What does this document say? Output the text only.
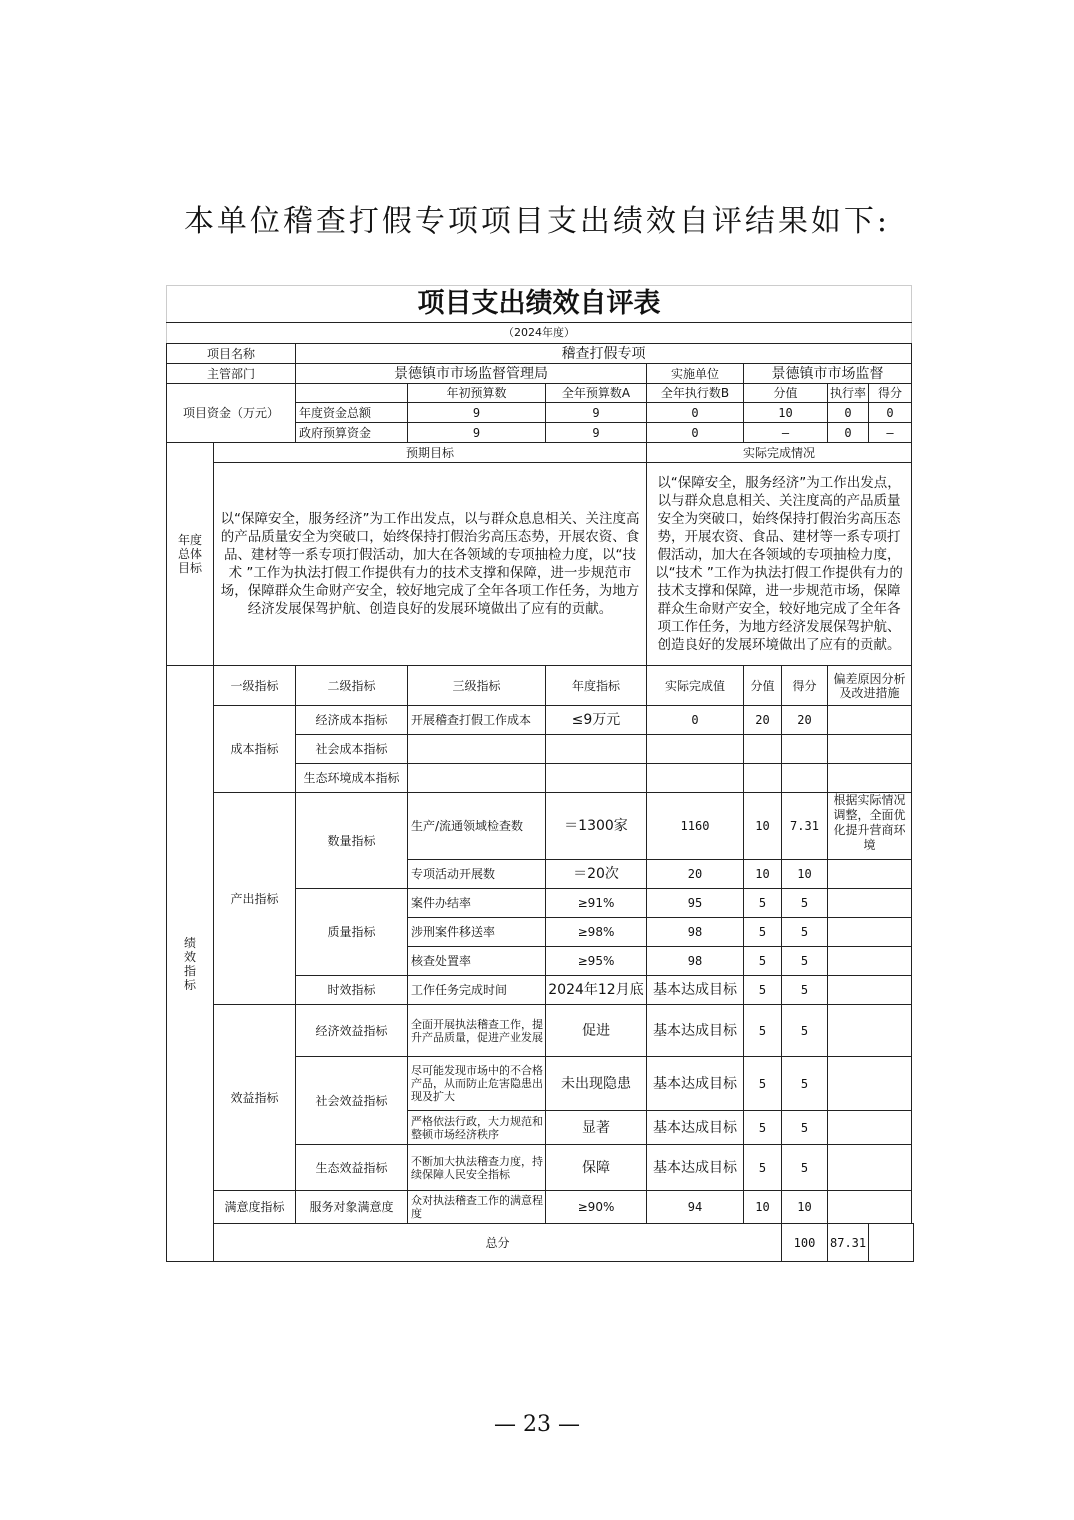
本单位稽查打假专项项目支出绩效自评结果如下:
项目支出绩效自评表									
（2024年度）									
项目名称		稽查打假专项							
主管部门		景德镇市市场监督管理局			实施单位	景德镇市市场监督			
项目资金（万元）			年初预算数	全年预算数A	全年执行数B	分值		执行率	得分
		年度资金总额	9	9	0	10		0	0
		政府预算资金	9	9	0	—		0	—
年度总体目标	预期目标				实际完成情况				
	以“保障安全，服务经济”为工作出发点，以与群众息息相关、关注度高的产品质量安全为突破口，始终保持打假治劣高压态势，开展农资、食品、建材等一系专项打假活动，加大在各领域的专项抽检力度，以“技术 ”工作为执法打假工作提供有力的技术支撑和保障，进一步规范市场，保障群众生命财产安全，较好地完成了全年各项工作任务，为地方经济发展保驾护航、创造良好的发展环境做出了应有的贡献。				以“保障安全，服务经济”为工作出发点，以与群众息息相关、关注度高的产品质量安全为突破口，始终保持打假治劣高压态势，开展农资、食品、建材等一系专项打假活动，加大在各领域的专项抽检力度，以“技术 ”工作为执法打假工作提供有力的技术支撑和保障，进一步规范市场，保障群众生命财产安全，较好地完成了全年各项工作任务，为地方经济发展保驾护航、创造良好的发展环境做出了应有的贡献。				
绩效指标	一级指标	二级指标	三级指标	年度指标	实际完成值	分值	得分	偏差原因分析及改进措施	
	成本指标	经济成本指标	开展稽查打假工作成本	≤9万元	0	20	20		
		社会成本指标							
		生态环境成本指标							
	产出指标	数量指标	生产/流通领域检查数	＝1300家	1160	10	7.31	根据实际情况调整，全面优化提升营商环境	
			专项活动开展数	＝20次	20	10	10		
		质量指标	案件办结率	≥91%	95	5	5		
			涉刑案件移送率	≥98%	98	5	5		
			核查处置率	≥95%	98	5	5		
		时效指标	工作任务完成时间	2024年12月底	基本达成目标	5	5		
	效益指标	经济效益指标	全面开展执法稽查工作，提升产品质量，促进产业发展	促进	基本达成目标	5	5		
		社会效益指标	尽可能发现市场中的不合格产品，从而防止危害隐患出现及扩大	未出现隐患	基本达成目标	5	5		
			严格依法行政，大力规范和整顿市场经济秩序	显著	基本达成目标	5	5		
		生态效益指标	不断加大执法稽查力度，持续保障人民安全指标	保障	基本达成目标	5	5		
	满意度指标	服务对象满意度	众对执法稽查工作的满意程度	≥90%	94	10	10		
	总分						100	87.31	
— 23 —
